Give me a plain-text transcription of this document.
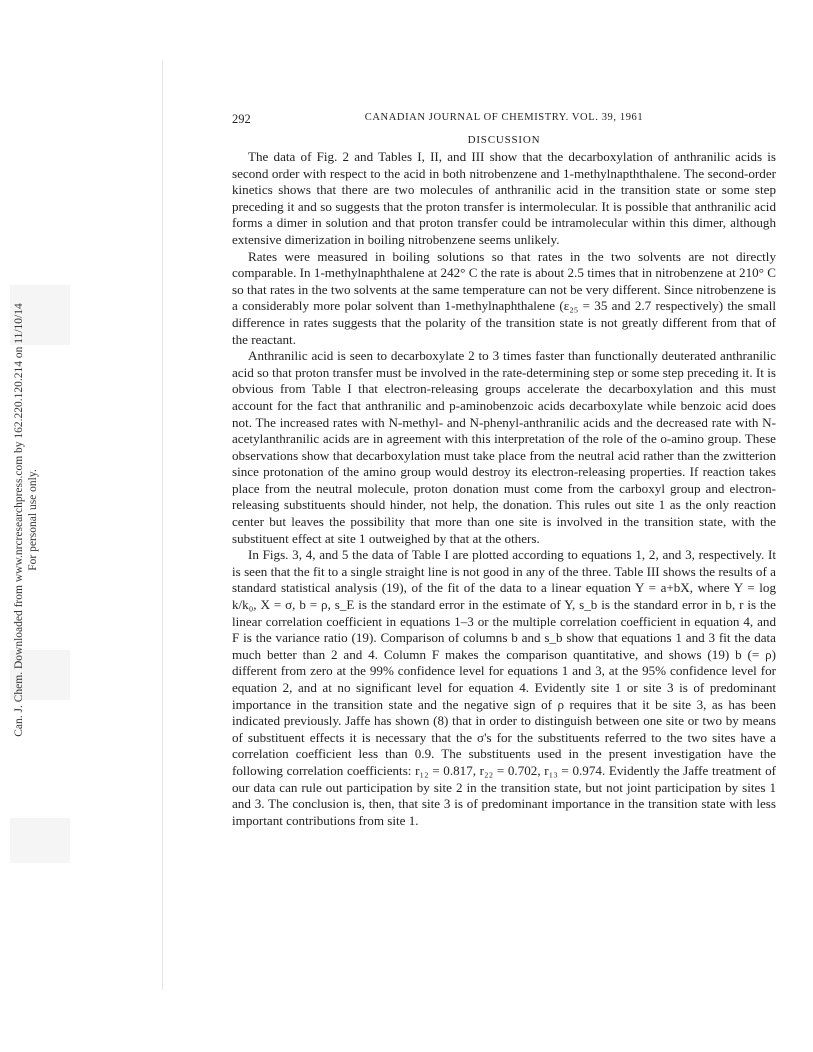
Can. J. Chem. Downloaded from www.nrcresearchpress.com by 162.220.120.214 on 11/10/14 For personal use only.
292	CANADIAN JOURNAL OF CHEMISTRY. VOL. 39, 1961
DISCUSSION

The data of Fig. 2 and Tables I, II, and III show that the decarboxylation of anthranilic acids is second order with respect to the acid in both nitrobenzene and 1-methylnapththalene. The second-order kinetics shows that there are two molecules of anthranilic acid in the transition state or some step preceding it and so suggests that the proton transfer is intermolecular. It is possible that anthranilic acid forms a dimer in solution and that proton transfer could be intramolecular within this dimer, although extensive dimerization in boiling nitrobenzene seems unlikely.

Rates were measured in boiling solutions so that rates in the two solvents are not directly comparable. In 1-methylnaphthalene at 242° C the rate is about 2.5 times that in nitrobenzene at 210° C so that rates in the two solvents at the same temperature can not be very different. Since nitrobenzene is a considerably more polar solvent than 1-methylnaphthalene (ε₂₅ = 35 and 2.7 respectively) the small difference in rates suggests that the polarity of the transition state is not greatly different from that of the reactant.

Anthranilic acid is seen to decarboxylate 2 to 3 times faster than functionally deuterated anthranilic acid so that proton transfer must be involved in the rate-determining step or some step preceding it. It is obvious from Table I that electron-releasing groups accelerate the decarboxylation and this must account for the fact that anthranilic and p-aminobenzoic acids decarboxylate while benzoic acid does not. The increased rates with N-methyl- and N-phenyl-anthranilic acids and the decreased rate with N-acetylanthranilic acids are in agreement with this interpretation of the role of the o-amino group. These observations show that decarboxylation must take place from the neutral acid rather than the zwitterion since protonation of the amino group would destroy its electron-releasing properties. If reaction takes place from the neutral molecule, proton donation must come from the carboxyl group and electron-releasing substituents should hinder, not help, the donation. This rules out site 1 as the only reaction center but leaves the possibility that more than one site is involved in the transition state, with the substituent effect at site 1 outweighed by that at the others.

In Figs. 3, 4, and 5 the data of Table I are plotted according to equations 1, 2, and 3, respectively. It is seen that the fit to a single straight line is not good in any of the three. Table III shows the results of a standard statistical analysis (19), of the fit of the data to a linear equation Y = a+bX, where Y = log k/k₀, X = σ, b = ρ, s_E is the standard error in the estimate of Y, s_b is the standard error in b, r is the linear correlation coefficient in equations 1–3 or the multiple correlation coefficient in equation 4, and F is the variance ratio (19). Comparison of columns b and s_b show that equations 1 and 3 fit the data much better than 2 and 4. Column F makes the comparison quantitative, and shows (19) b (= ρ) different from zero at the 99% confidence level for equations 1 and 3, at the 95% confidence level for equation 2, and at no significant level for equation 4. Evidently site 1 or site 3 is of predominant importance in the transition state and the negative sign of ρ requires that it be site 3, as has been indicated previously. Jaffe has shown (8) that in order to distinguish between one site or two by means of substituent effects it is necessary that the σ's for the substituents referred to the two sites have a correlation coefficient less than 0.9. The substituents used in the present investigation have the following correlation coefficients: r₁₂ = 0.817, r₂₂ = 0.702, r₁₃ = 0.974. Evidently the Jaffe treatment of our data can rule out participation by site 2 in the transition state, but not joint participation by sites 1 and 3. The conclusion is, then, that site 3 is of predominant importance in the transition state with less important contributions from site 1.
